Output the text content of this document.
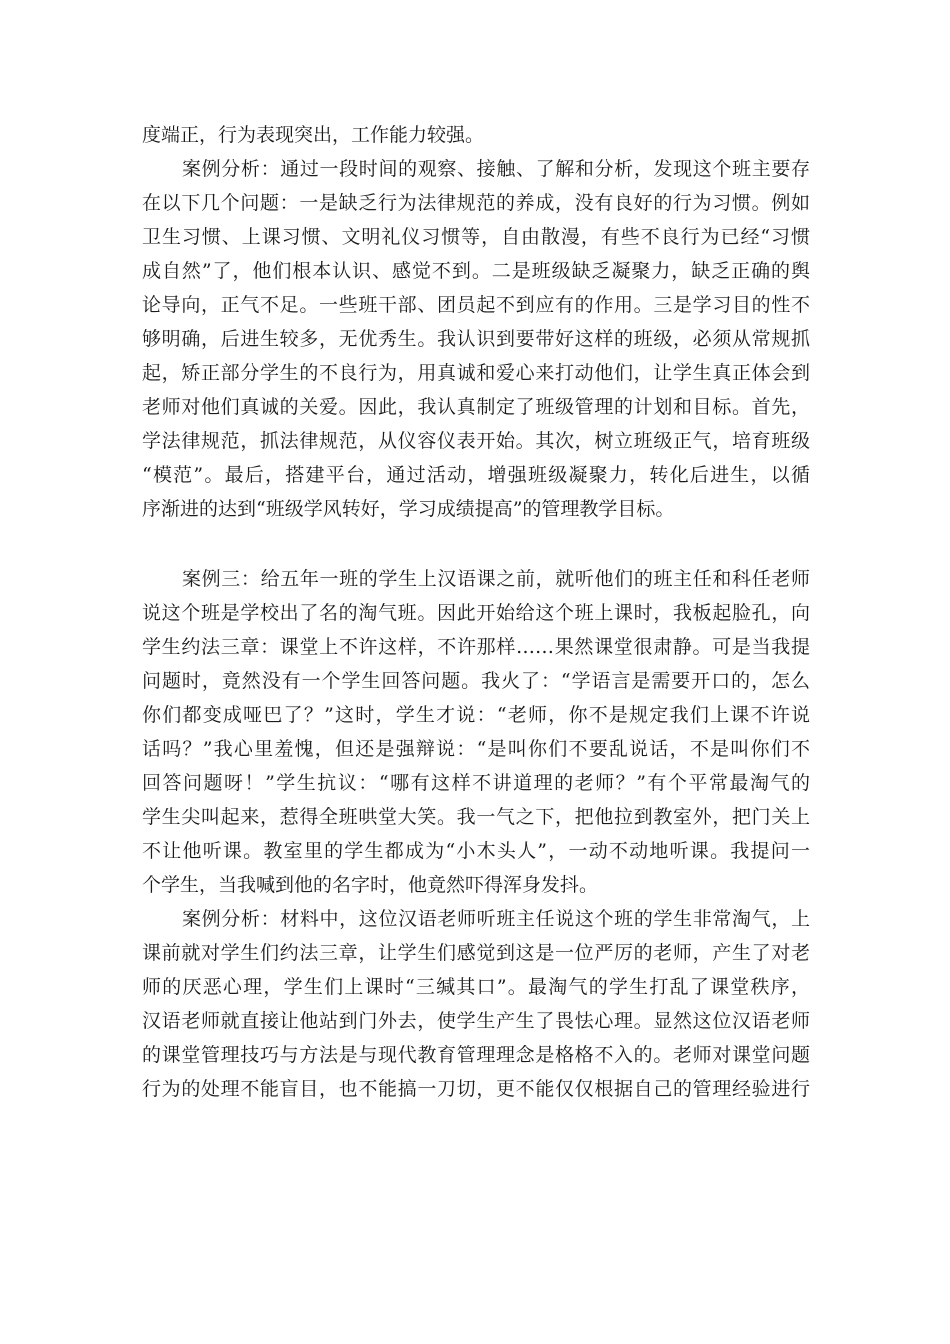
度端正，行为表现突出，工作能力较强。
案例分析：通过一段时间的观察、接触、了解和分析，发现这个班主要存
在以下几个问题：一是缺乏行为法律规范的养成，没有良好的行为习惯。例如
卫生习惯、上课习惯、文明礼仪习惯等，自由散漫，有些不良行为已经“习惯
成自然”了，他们根本认识、感觉不到。二是班级缺乏凝聚力，缺乏正确的舆
论导向，正气不足。一些班干部、团员起不到应有的作用。三是学习目的性不
够明确，后进生较多，无优秀生。我认识到要带好这样的班级，必须从常规抓
起，矫正部分学生的不良行为，用真诚和爱心来打动他们，让学生真正体会到
老师对他们真诚的关爱。因此，我认真制定了班级管理的计划和目标。首先，
学法律规范，抓法律规范，从仪容仪表开始。其次，树立班级正气，培育班级
“模范”。最后，搭建平台，通过活动，增强班级凝聚力，转化后进生，以循
序渐进的达到“班级学风转好，学习成绩提高”的管理教学目标。
案例三：给五年一班的学生上汉语课之前，就听他们的班主任和科任老师
说这个班是学校出了名的淘气班。因此开始给这个班上课时，我板起脸孔，向
学生约法三章：课堂上不许这样，不许那样……果然课堂很肃静。可是当我提
问题时，竟然没有一个学生回答问题。我火了：“学语言是需要开口的，怎么
你们都变成哑巴了？”这时，学生才说：“老师，你不是规定我们上课不许说
话吗？”我心里羞愧，但还是强辩说：“是叫你们不要乱说话，不是叫你们不
回答问题呀！”学生抗议：“哪有这样不讲道理的老师？”有个平常最淘气的
学生尖叫起来，惹得全班哄堂大笑。我一气之下，把他拉到教室外，把门关上
不让他听课。教室里的学生都成为“小木头人”，一动不动地听课。我提问一
个学生，当我喊到他的名字时，他竟然吓得浑身发抖。
案例分析：材料中，这位汉语老师听班主任说这个班的学生非常淘气，上
课前就对学生们约法三章，让学生们感觉到这是一位严厉的老师，产生了对老
师的厌恶心理，学生们上课时“三缄其口”。最淘气的学生打乱了课堂秩序，
汉语老师就直接让他站到门外去，使学生产生了畏怯心理。显然这位汉语老师
的课堂管理技巧与方法是与现代教育管理理念是格格不入的。老师对课堂问题
行为的处理不能盲目，也不能搞一刀切，更不能仅仅根据自己的管理经验进行
